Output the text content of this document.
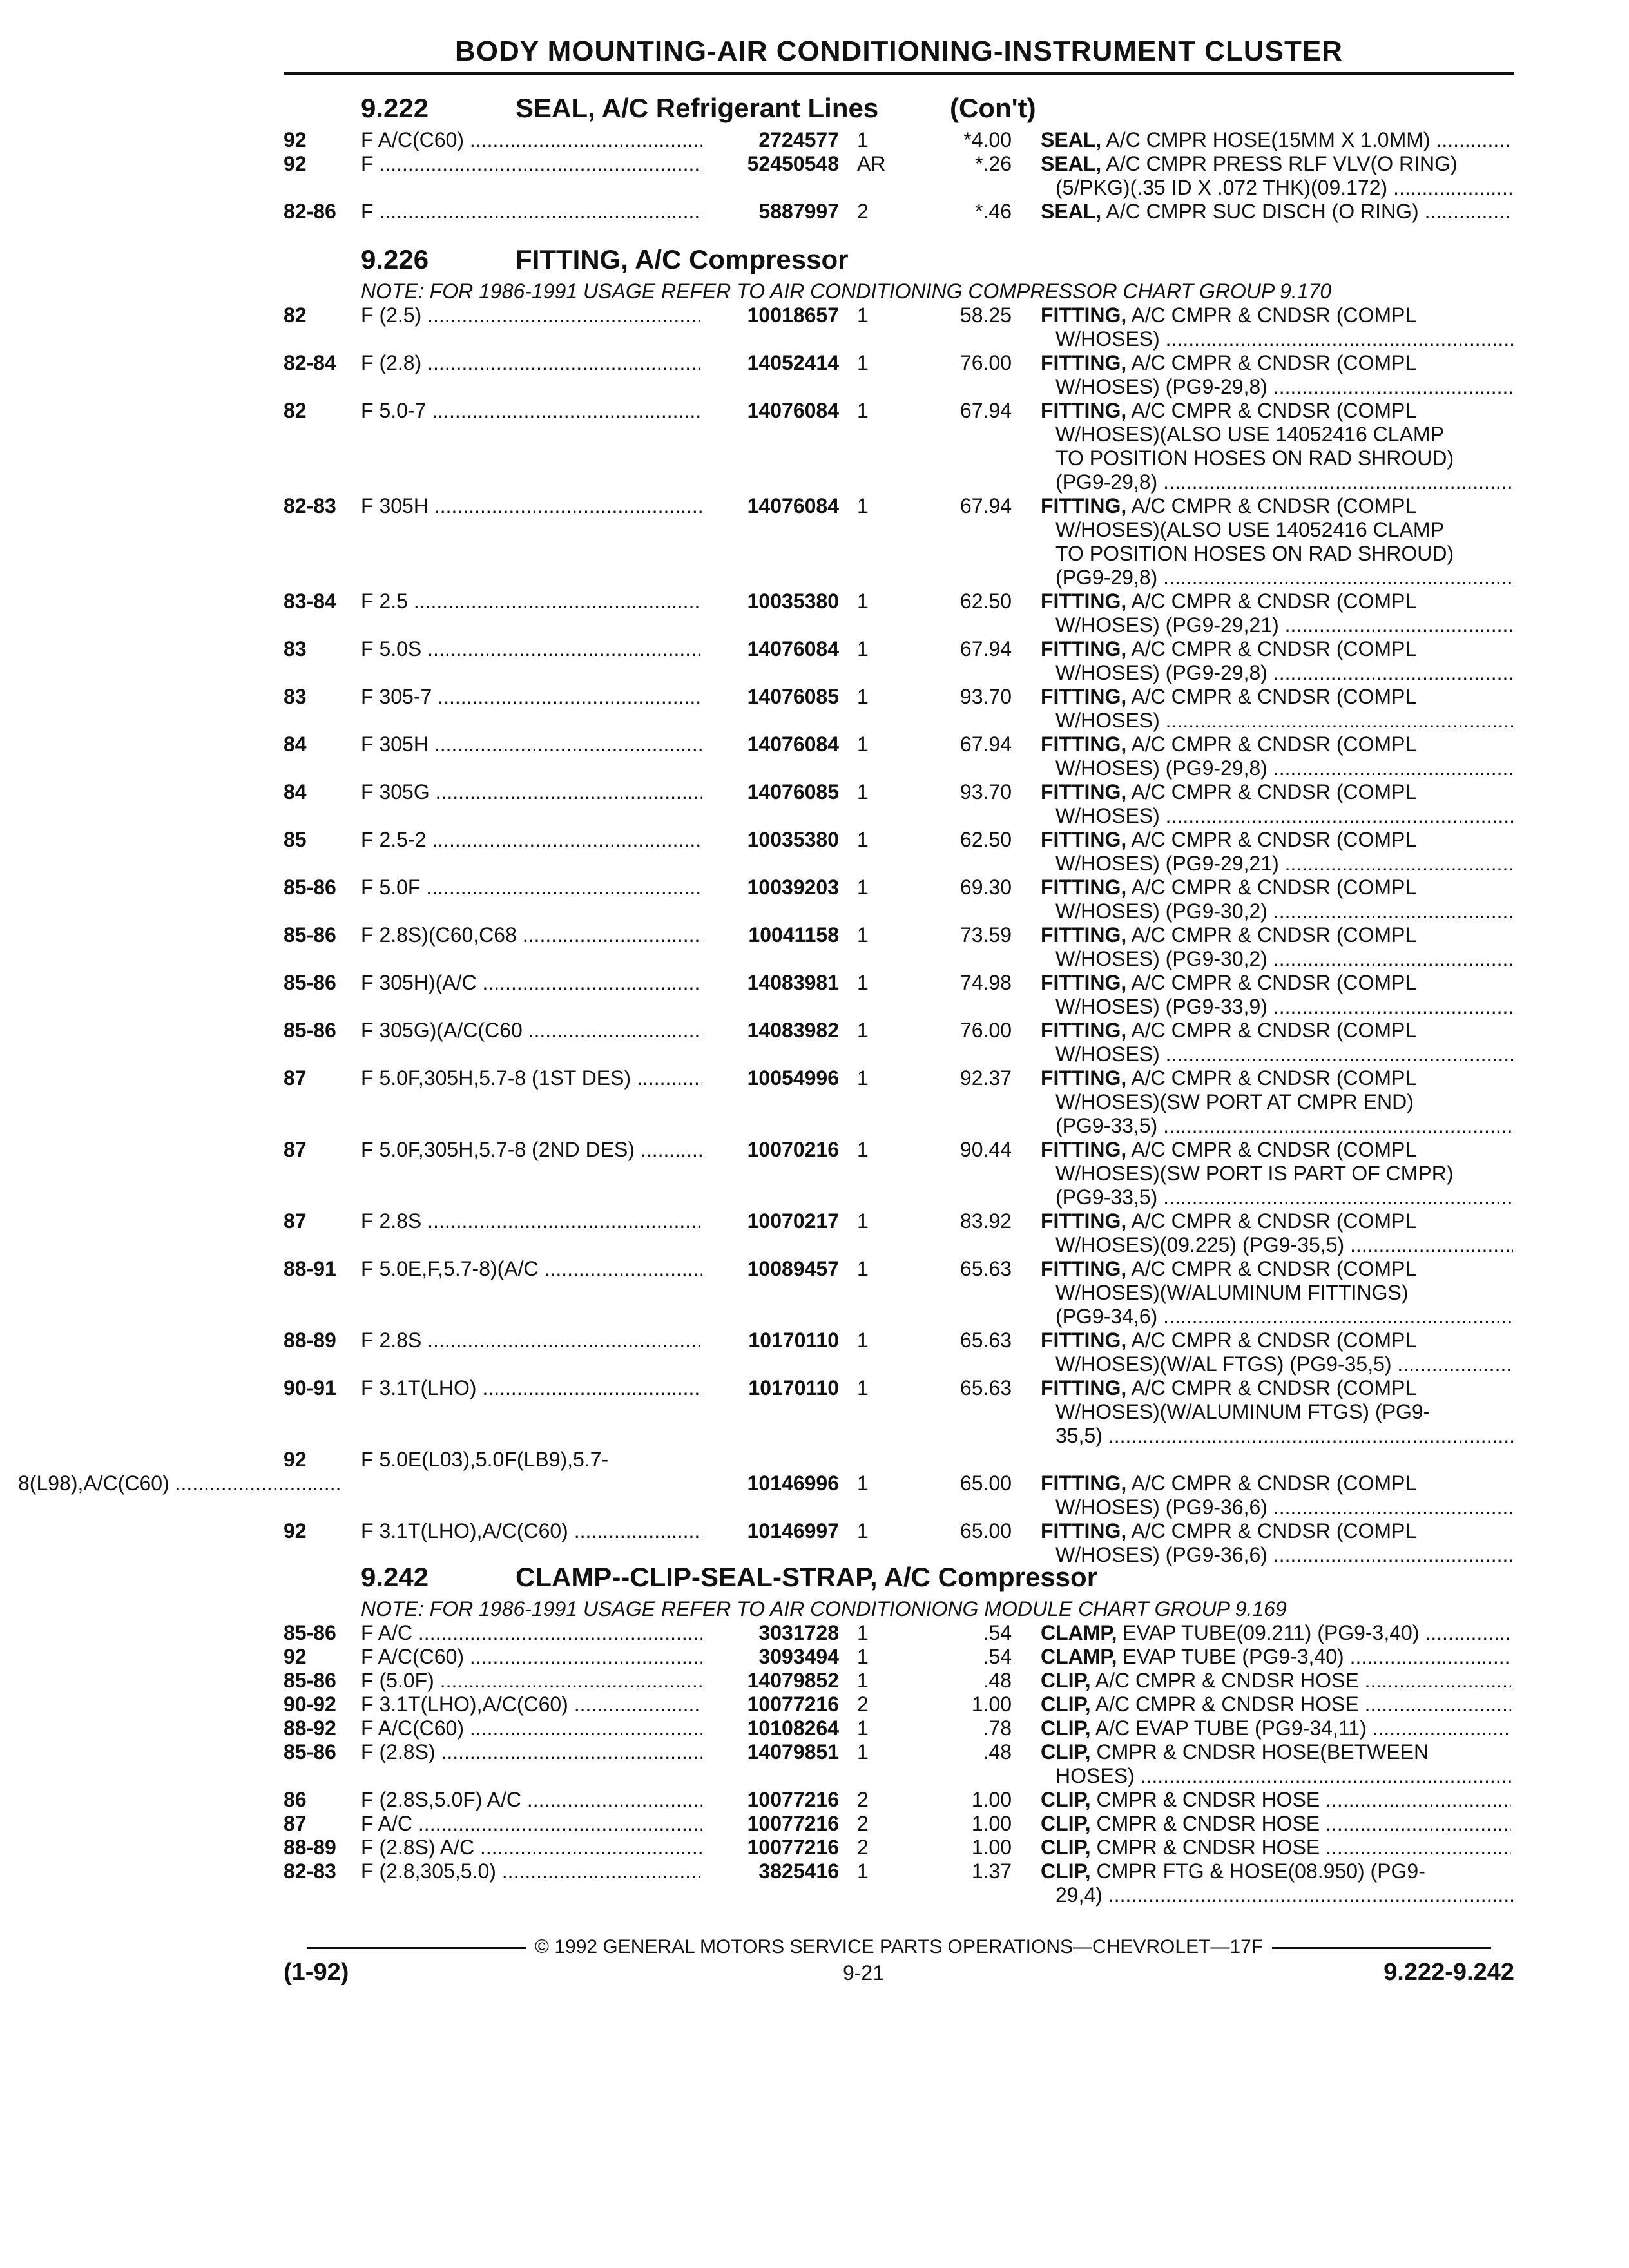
BODY MOUNTING-AIR CONDITIONING-INSTRUMENT CLUSTER
9.222	SEAL, A/C Refrigerant Lines	(Con't)
92	F A/C(C60) .....	2724577 1	*4.00 SEAL, A/C CMPR HOSE(15MM X 1.0MM) .....
92	F .....	52450548 AR	*.26 SEAL, A/C CMPR PRESS RLF VLV(O RING)
(5/PKG)(.35 ID X .072 THK)(09.172) .....
82-86 F .....	5887997 2	*.46 SEAL, A/C CMPR SUC DISCH (O RING) .....
9.226	FITTING, A/C Compressor
NOTE: FOR 1986-1991 USAGE REFER TO AIR CONDITIONING COMPRESSOR CHART GROUP 9.170
82	F (2.5) .....	10018657 1	58.25 FITTING, A/C CMPR & CNDSR (COMPL
W/HOSES) .....
82-84 F (2.8) .....	14052414 1	76.00 FITTING, A/C CMPR & CNDSR (COMPL
W/HOSES) (PG9-29,8) .....
82	F 5.0-7 .....	14076084 1	67.94 FITTING, A/C CMPR & CNDSR (COMPL
W/HOSES)(ALSO USE 14052416 CLAMP
TO POSITION HOSES ON RAD SHROUD)
(PG9-29,8) .....
82-83 F 305H .....	14076084 1	67.94 FITTING, A/C CMPR & CNDSR (COMPL
W/HOSES)(ALSO USE 14052416 CLAMP
TO POSITION HOSES ON RAD SHROUD)
(PG9-29,8) .....
83-84 F 2.5 .....	10035380 1	62.50 FITTING, A/C CMPR & CNDSR (COMPL
W/HOSES) (PG9-29,21) .....
83	F 5.0S .....	14076084 1	67.94 FITTING, A/C CMPR & CNDSR (COMPL
W/HOSES) (PG9-29,8) .....
83	F 305-7 .....	14076085 1	93.70 FITTING, A/C CMPR & CNDSR (COMPL
W/HOSES) .....
84	F 305H .....	14076084 1	67.94 FITTING, A/C CMPR & CNDSR (COMPL
W/HOSES) (PG9-29,8) .....
84	F 305G .....	14076085 1	93.70 FITTING, A/C CMPR & CNDSR (COMPL
W/HOSES) .....
85	F 2.5-2 .....	10035380 1	62.50 FITTING, A/C CMPR & CNDSR (COMPL
W/HOSES) (PG9-29,21) .....
85-86 F 5.0F .....	10039203 1	69.30 FITTING, A/C CMPR & CNDSR (COMPL
W/HOSES) (PG9-30,2) .....
85-86 F 2.8S)(C60,C68 .....	10041158 1	73.59 FITTING, A/C CMPR & CNDSR (COMPL
W/HOSES) (PG9-30,2) .....
85-86 F 305H)(A/C .....	14083981 1	74.98 FITTING, A/C CMPR & CNDSR (COMPL
W/HOSES) (PG9-33,9) .....
85-86 F 305G)(A/C(C60 .....	14083982 1	76.00 FITTING, A/C CMPR & CNDSR (COMPL
W/HOSES) .....
87	F 5.0F,305H,5.7-8 (1ST DES) .....	10054996 1	92.37 FITTING, A/C CMPR & CNDSR (COMPL
W/HOSES)(SW PORT AT CMPR END)
(PG9-33,5) .....
87	F 5.0F,305H,5.7-8 (2ND DES) .....	10070216 1	90.44 FITTING, A/C CMPR & CNDSR (COMPL
W/HOSES)(SW PORT IS PART OF CMPR)
(PG9-33,5) .....
87	F 2.8S .....	10070217 1	83.92 FITTING, A/C CMPR & CNDSR (COMPL
W/HOSES)(09.225) (PG9-35,5) .....
88-91 F 5.0E,F,5.7-8)(A/C .....	10089457 1	65.63 FITTING, A/C CMPR & CNDSR (COMPL
W/HOSES)(W/ALUMINUM FITTINGS)
(PG9-34,6) .....
88-89 F 2.8S .....	10170110 1	65.63 FITTING, A/C CMPR & CNDSR (COMPL
W/HOSES)(W/AL FTGS) (PG9-35,5) .....
90-91 F 3.1T(LHO) .....	10170110 1	65.63 FITTING, A/C CMPR & CNDSR (COMPL
W/HOSES)(W/ALUMINUM FTGS) (PG9-
35,5) .....
92	F 5.0E(L03),5.0F(LB9),5.7-
8(L98),A/C(C60) .....	10146996 1	65.00 FITTING, A/C CMPR & CNDSR (COMPL
W/HOSES) (PG9-36,6) .....
92	F 3.1T(LHO),A/C(C60) .....	10146997 1	65.00 FITTING, A/C CMPR & CNDSR (COMPL
W/HOSES) (PG9-36,6) .....
9.242	CLAMP--CLIP-SEAL-STRAP, A/C Compressor
NOTE: FOR 1986-1991 USAGE REFER TO AIR CONDITIONIONG MODULE CHART GROUP 9.169
85-86 F A/C .....	3031728 1	.54 CLAMP, EVAP TUBE(09.211) (PG9-3,40) .....
92	F A/C(C60) .....	3093494 1	.54 CLAMP, EVAP TUBE (PG9-3,40) .....
85-86 F (5.0F) .....	14079852 1	.48 CLIP, A/C CMPR & CNDSR HOSE .....
90-92 F 3.1T(LHO),A/C(C60) .....	10077216 2	1.00 CLIP, A/C CMPR & CNDSR HOSE .....
88-92 F A/C(C60) .....	10108264 1	.78 CLIP, A/C EVAP TUBE (PG9-34,11) .....
85-86 F (2.8S) .....	14079851 1	.48 CLIP, CMPR & CNDSR HOSE(BETWEEN
HOSES) .....
86	F (2.8S,5.0F) A/C .....	10077216 2	1.00 CLIP, CMPR & CNDSR HOSE .....
87	F A/C .....	10077216 2	1.00 CLIP, CMPR & CNDSR HOSE .....
88-89 F (2.8S) A/C .....	10077216 2	1.00 CLIP, CMPR & CNDSR HOSE .....
82-83 F (2.8,305,5.0) .....	3825416 1	1.37 CLIP, CMPR FTG & HOSE(08.950) (PG9-
29,4) .....
© 1992 GENERAL MOTORS SERVICE PARTS OPERATIONS—CHEVROLET—17F
(1-92)	9-21	9.222-9.242
